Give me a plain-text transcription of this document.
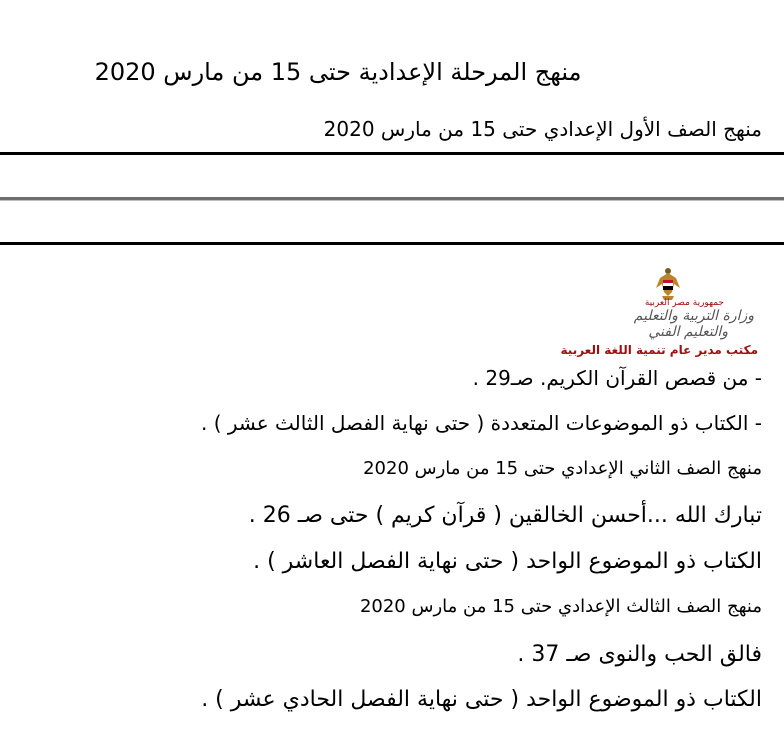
منهج المرحلة الإعدادية حتى 15 من مارس 2020
منهج الصف الأول الإعدادي حتى 15 من مارس 2020
جمهورية مصر العربية
وزارة التربية والتعليم
والتعليم الفني
مكتب مدير عام تنمية اللغة العربية
- من قصص القرآن الكريم. صـ29 .
- الكتاب ذو الموضوعات المتعددة ( حتى نهاية الفصل الثالث عشر ) .
منهج الصف الثاني الإعدادي حتى 15 من مارس 2020
تبارك الله ...أحسن الخالقين ( قرآن كريم ) حتى صـ 26 .
الكتاب ذو الموضوع الواحد ( حتى نهاية الفصل العاشر ) .
منهج الصف الثالث الإعدادي حتى 15 من مارس 2020
فالق الحب والنوى صـ 37 .
الكتاب ذو الموضوع الواحد ( حتى نهاية الفصل الحادي عشر ) .
